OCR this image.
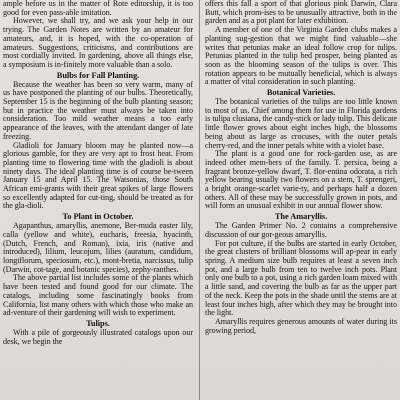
ample before us in the matter of Rote editorship, it is too good for even pass-able imitation.

However, we shall try, and we ask your help in our trying. The Garden Notes are written by an amateur for amateurs, and, it is hoped, with the co-operation of amateurs. Suggestions, criticisms, and contributions are most cordially invited. In gardening, above all things else, a symposium is in-finitely more valuable than a solo.

Bulbs for Fall Planting.

Because the weather has been so very warm, many of us have postponed the planting of our bulbs. Theoretically, September 15 is the beginning of the bulb planting season; but in practice the weather must always be taken into consideration. Too mild weather means a too early appearance of the leaves, with the attendant danger of late freezing.

Gladioli for January bloom may be planted now—a glorious gamble, for they are very apt to frost heat. From planting time to flowering time with the gladioli is about ninety days. The ideal planting time is of course be-tween January 15 and April 15. The Watsonias, those South African emi-grants with their great spikes of large flowers so excellently adapted for cut-ting, should be treated as for the gla-dioli.

To Plant in October.

Agapanthus, amaryllis, anemone, Ber-muda easter lily, calla (yellow and white), eucharis, freesia, hyacinth, (Dutch, French, and Roman), ixia, iris (native and introduced), lilium, leucojum, lilies (auratum, candidum, longiflorum, speciosum, etc.), mont-bretia, narcissus, tulip (Darwin, cot-tage, and botanic species), zephy-ranthes.

The above partial list includes some of the plants which have been tested and found good for our climate. The catalogs, including some fascinatingly books from California, list many others with which those who make an ad-venture of their gardening will wish to experiment.

Tulips.

With a pile of gorgeously illustrated catalogs upon our desk, we begin the

offers this fall a sport of that glorious pink Darwin, Clara Butt, which prom-ises to be unusually attractive, both in the garden and as a pot plant for later exhibition.

A member of one of the Virginia Garden clubs makes a planting sug-gestion that we might find valuable—she writes that petunias make an ideal follow crop for tulips. Petunias planted in the tulip bed prosper, being planted as soon as the blooming season of the tulips is over. This rotation appears to be mutually beneficial, which is always a matter of vital consideration in such planting.

Botanical Varieties.

The botanical varieties of the tulips are too little known to most of us. Chief among them for use in Florida gardens is tulipa clusiana, the candy-stick or lady tulip. This delicate little flower grows about eight inches high, the blossoms being about as large as crocuses, with the outer petals cherry-red, and the inner petals white with a violet base.

The plant is a good one for rock-garden use, as are indeed other mem-bers of the family. T. persica, being a fragrant bronze-yellow dwarf, T. flor-entina odorata, a rich yellow bearing usually two flowers on a stem, T. sprengeri, a bright orange-scarlet varie-ty, and perhaps half a dozen others. All of these may be successfully grown in pots, and will form an unusual exhibit in our annual flower show.

The Amaryllis.

The Garden Primer No. 2 contains a comprehensive discussion of our gor-geous amaryllis.

For pot culture, if the bulbs are started in early October, the great clusters of brilliant blossoms will ap-pear in early spring. A medium size bulb requires at least a seven inch pot, and a large bulb from ten to twelve inch pots. Plant only one bulb to a pot, using a rich garden loam mixed with a little sand, and covering the bulb as far as the upper part of the neck. Keep the pots in the shade until the stems are at least four inches high, after which they may be brought into the light.

Amaryllis requires generous amounts of water during its growing period,
